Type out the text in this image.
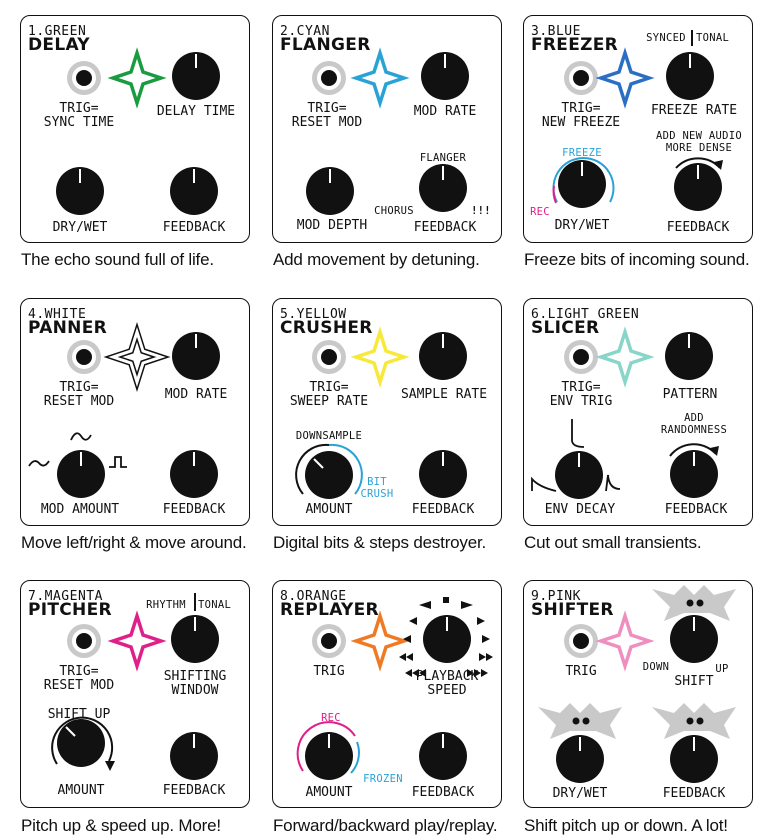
1.GREEN
DELAY
TRIG=
SYNC TIME
DELAY TIME
DRY/WET	FEEDBACK
The echo sound full of life.
2.CYAN
FLANGER
TRIG=
RESET MOD
MOD RATE
MOD DEPTH	FEEDBACK
FLANGER
CHORUS	!!!
Add movement by detuning.
3.BLUE
FREEZER
TRIG=
NEW FREEZE
FREEZE RATE
DRY/WET	FEEDBACK
SYNCED TONAL
FREEZE
REC
ADD NEW AUDIO
MORE DENSE
Freeze bits of incoming sound.
4.WHITE
PANNER
TRIG=
RESET MOD	MOD RATE
MOD AMOUNT	FEEDBACK
Move left/right & move around.
5.YELLOW
CRUSHER
TRIG=
SWEEP RATE	SAMPLE RATE
AMOUNT	FEEDBACK
DOWNSAMPLE
BIT
CRUSH
Digital bits & steps destroyer.
6.LIGHT GREEN
SLICER
TRIG=
ENV TRIG	PATTERN
ENV DECAY	FEEDBACK
ADD
RANDOMNESS
Cut out small transients.
7.MAGENTA
PITCHER
TRIG=
RESET MOD
SHIFTING
WINDOW
AMOUNT	FEEDBACK
RHYTHM	TONAL
SHIFT UP
Pitch up & speed up. More!
8.ORANGE
REPLAYER
TRIG	PLAYBACK
SPEED
AMOUNT	FEEDBACK
REC
FROZEN
Forward/backward play/replay.
9.PINK
SHIFTER
TRIG
SHIFT
DRY/WET	FEEDBACK
DOWN	UP
Shift pitch up or down. A lot!
